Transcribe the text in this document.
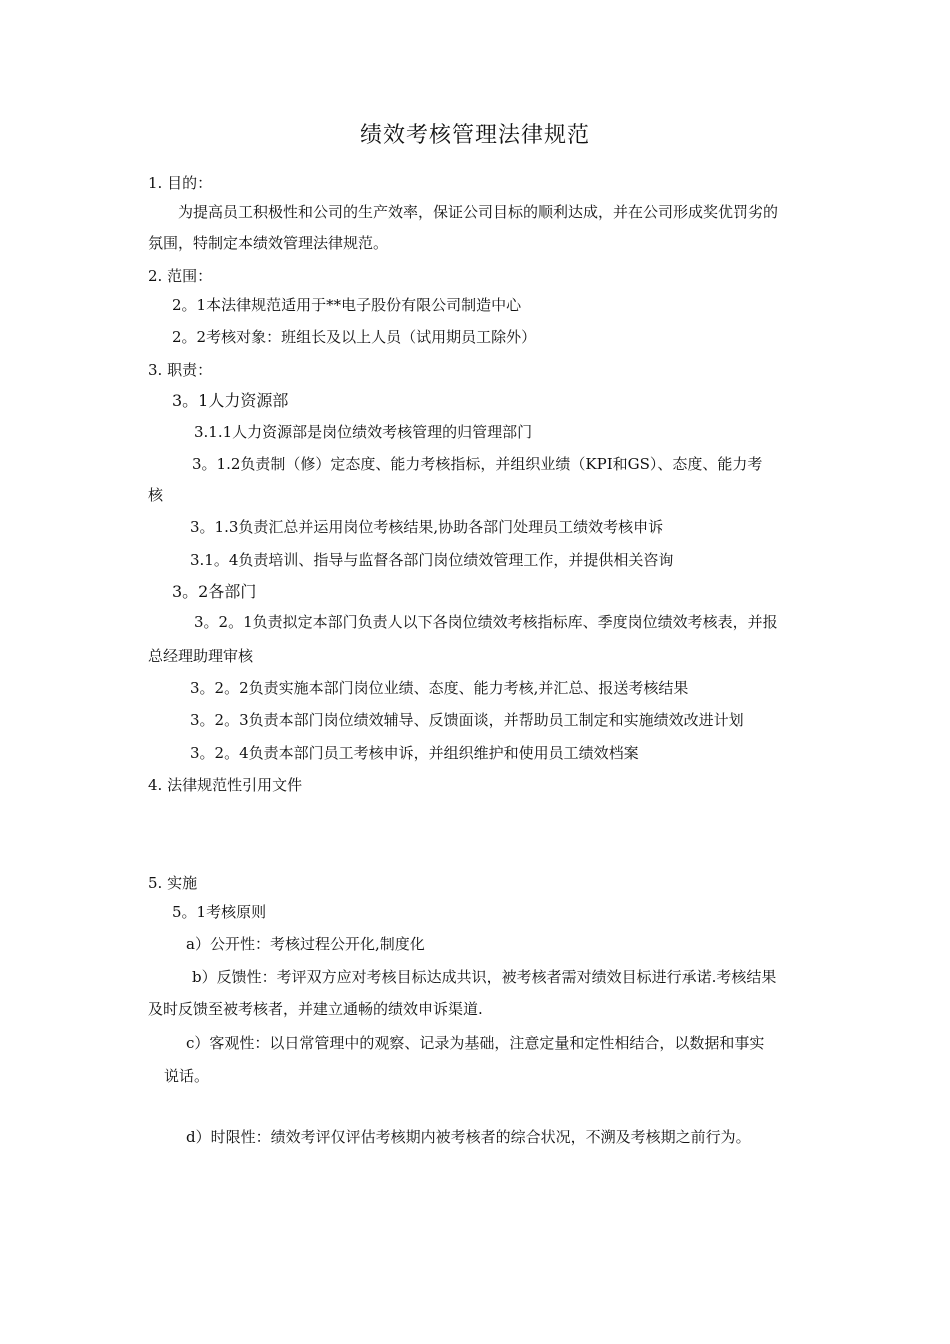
绩效考核管理法律规范
1. 目的：
为提高员工积极性和公司的生产效率，保证公司目标的顺利达成，并在公司形成奖优罚劣的
氛围，特制定本绩效管理法律规范。
2. 范围：
2。1本法律规范适用于**电子股份有限公司制造中心
2。2考核对象：班组长及以上人员（试用期员工除外）
3. 职责：
3。1人力资源部
3.1.1人力资源部是岗位绩效考核管理的归管理部门
3。1.2负责制（修）定态度、能力考核指标，并组织业绩（KPI和GS）、态度、能力考
核
3。1.3负责汇总并运用岗位考核结果,协助各部门处理员工绩效考核申诉
3.1。4负责培训、指导与监督各部门岗位绩效管理工作，并提供相关咨询
3。2各部门
3。2。1负责拟定本部门负责人以下各岗位绩效考核指标库、季度岗位绩效考核表，并报
总经理助理审核
3。2。2负责实施本部门岗位业绩、态度、能力考核,并汇总、报送考核结果
3。2。3负责本部门岗位绩效辅导、反馈面谈，并帮助员工制定和实施绩效改进计划
3。2。4负责本部门员工考核申诉，并组织维护和使用员工绩效档案
4. 法律规范性引用文件
5. 实施
5。1考核原则
a）公开性：考核过程公开化,制度化
b）反馈性：考评双方应对考核目标达成共识，被考核者需对绩效目标进行承诺.考核结果
及时反馈至被考核者，并建立通畅的绩效申诉渠道.
c）客观性：以日常管理中的观察、记录为基础，注意定量和定性相结合，以数据和事实
说话。
d）时限性：绩效考评仅评估考核期内被考核者的综合状况，不溯及考核期之前行为。
